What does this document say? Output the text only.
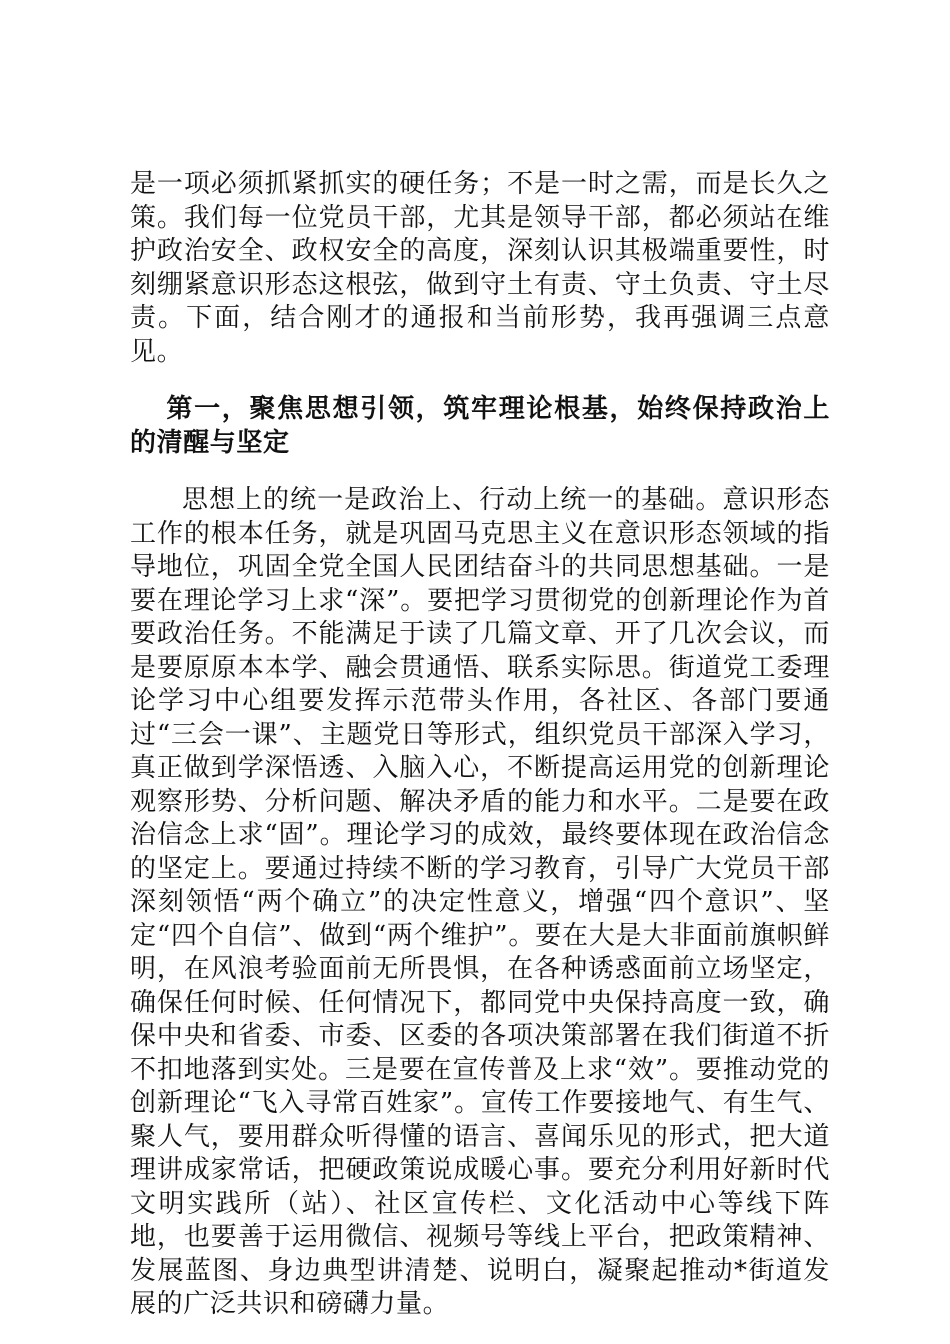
是一项必须抓紧抓实的硬任务；不是一时之需，而是长久之策。我们每一位党员干部，尤其是领导干部，都必须站在维护政治安全、政权安全的高度，深刻认识其极端重要性，时刻绷紧意识形态这根弦，做到守土有责、守土负责、守土尽责。下面，结合刚才的通报和当前形势，我再强调三点意见。

第一，聚焦思想引领，筑牢理论根基，始终保持政治上的清醒与坚定

思想上的统一是政治上、行动上统一的基础。意识形态工作的根本任务，就是巩固马克思主义在意识形态领域的指导地位，巩固全党全国人民团结奋斗的共同思想基础。一是要在理论学习上求“深”。要把学习贯彻党的创新理论作为首要政治任务。不能满足于读了几篇文章、开了几次会议，而是要原原本本学、融会贯通悟、联系实际思。街道党工委理论学习中心组要发挥示范带头作用，各社区、各部门要通过“三会一课”、主题党日等形式，组织党员干部深入学习，真正做到学深悟透、入脑入心，不断提高运用党的创新理论观察形势、分析问题、解决矛盾的能力和水平。二是要在政治信念上求“固”。理论学习的成效，最终要体现在政治信念的坚定上。要通过持续不断的学习教育，引导广大党员干部深刻领悟“两个确立”的决定性意义，增强“四个意识”、坚定“四个自信”、做到“两个维护”。要在大是大非面前旗帜鲜明，在风浪考验面前无所畏惧，在各种诱惑面前立场坚定，确保任何时候、任何情况下，都同党中央保持高度一致，确保中央和省委、市委、区委的各项决策部署在我们街道不折不扣地落到实处。三是要在宣传普及上求“效”。要推动党的创新理论“飞入寻常百姓家”。宣传工作要接地气、有生气、聚人气，要用群众听得懂的语言、喜闻乐见的形式，把大道理讲成家常话，把硬政策说成暖心事。要充分利用好新时代文明实践所（站）、社区宣传栏、文化活动中心等线下阵地，也要善于运用微信、视频号等线上平台，把政策精神、发展蓝图、身边典型讲清楚、说明白，凝聚起推动*街道发展的广泛共识和磅礴力量。
